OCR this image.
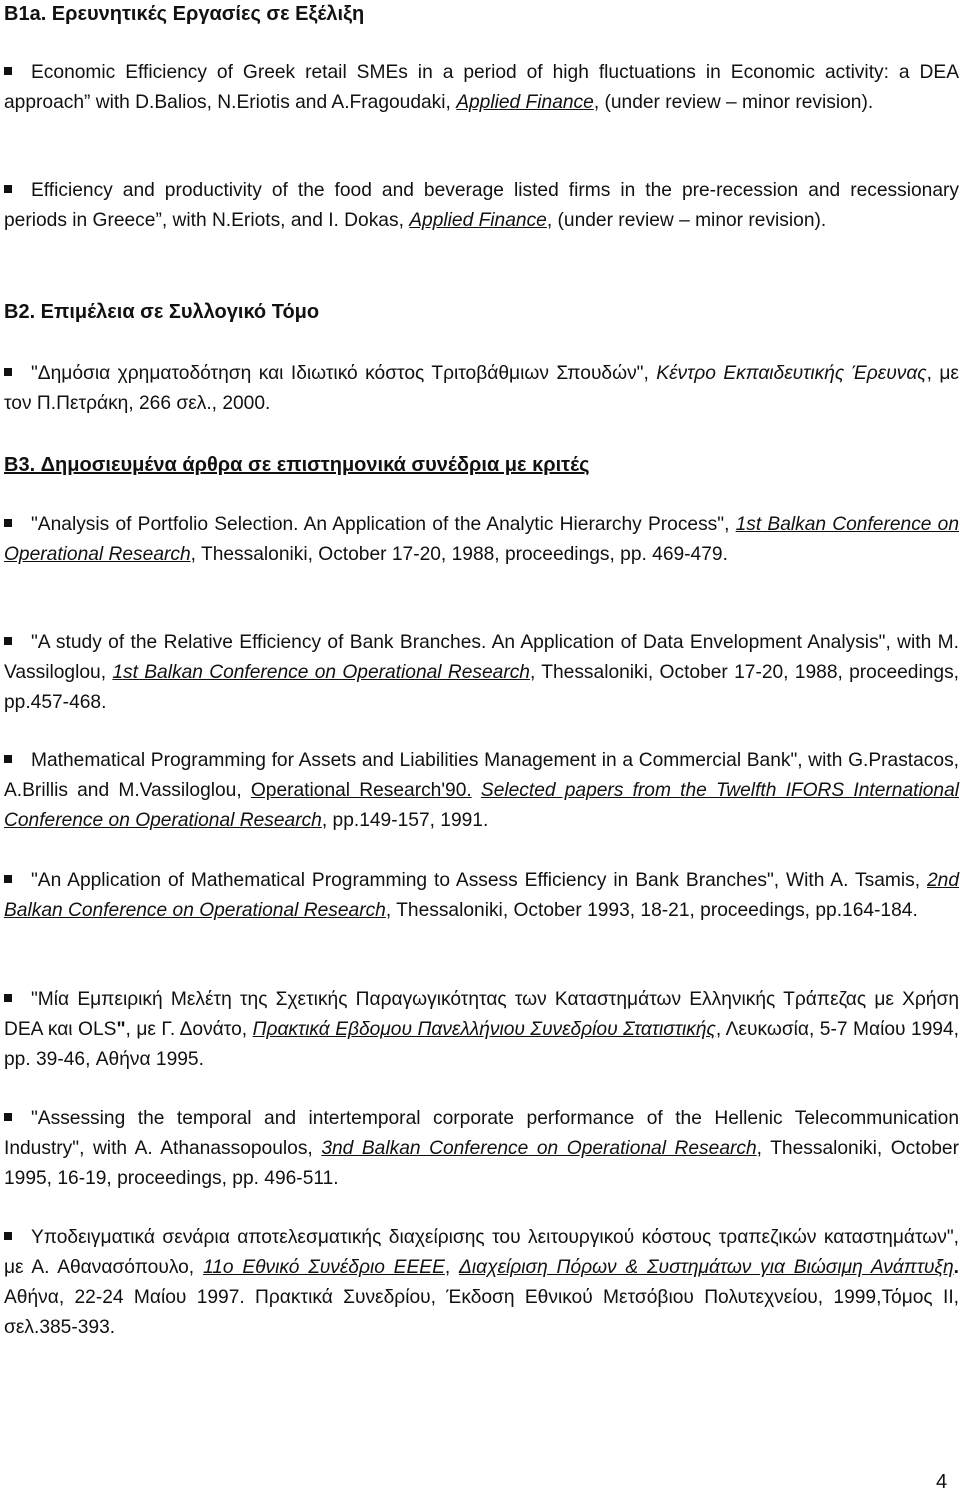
B1a. Ερευνητικές Εργασίες σε Εξέλιξη

Economic Efficiency of Greek retail SMEs in a period of high fluctuations in Economic activity: a DEA approach” with D.Balios, N.Eriotis and A.Fragoudaki, Applied Finance, (under review – minor revision).

Efficiency and productivity of the food and beverage listed firms in the pre-recession and recessionary periods in Greece”, with N.Eriots, and I. Dokas, Applied Finance, (under review – minor revision).

B2. Επιμέλεια σε Συλλογικό Τόμο

"Δημόσια χρηματοδότηση και Ιδιωτικό κόστος Τριτοβάθμιων Σπουδών", Κέντρο Εκπαιδευτικής Έρευνας, με τον Π.Πετράκη, 266 σελ., 2000.

B3. Δημοσιευμένα άρθρα σε επιστημονικά συνέδρια με κριτές

"Analysis of Portfolio Selection. An Application of the Analytic Hierarchy Process", 1st Balkan Conference on Operational Research, Thessaloniki, October 17-20, 1988, proceedings, pp. 469-479.

"A study of the Relative Efficiency of Bank Branches. An Application of Data Envelopment Analysis", with M. Vassiloglou, 1st Balkan Conference on Operational Research, Thessaloniki, October 17-20, 1988, proceedings, pp.457-468.

Mathematical Programming for Assets and Liabilities Management in a Commercial Bank", with G.Prastacos, A.Brillis and M.Vassiloglou, Operational Research'90. Selected papers from the Twelfth IFORS International Conference on Operational Research, pp.149-157, 1991.

"An Application of Mathematical Programming to Assess Efficiency in Bank Branches", With A. Tsamis, 2nd Balkan Conference on Operational Research, Thessaloniki, October 1993, 18-21, proceedings, pp.164-184.

"Μία Εμπειρική Μελέτη της Σχετικής Παραγωγικότητας των Καταστημάτων Ελληνικής Τράπεζας με Χρήση DEA και OLS", με Γ. Δονάτο, Πρακτικά Εβδομου Πανελλήνιου Συνεδρίου Στατιστικής, Λευκωσία, 5-7 Μαίου 1994, pp. 39-46, Αθήνα 1995.

"Assessing the temporal and intertemporal corporate performance of the Hellenic Telecommunication Industry", with A. Athanassopoulos, 3nd Balkan Conference on Operational Research, Thessaloniki, October 1995, 16-19, proceedings, pp. 496-511.

Υποδειγματικά σενάρια αποτελεσματικής διαχείρισης του λειτουργικού κόστους τραπεζικών καταστημάτων", με Α. Αθανασόπουλο, 11ο Εθνικό Συνέδριο ΕΕΕΕ, Διαχείριση Πόρων & Συστημάτων για Βιώσιμη Ανάπτυξη. Αθήνα, 22-24 Μαίου 1997. Πρακτικά Συνεδρίου, Έκδοση Εθνικού Μετσόβιου Πολυτεχνείου, 1999,Τόμος ΙΙ, σελ.385-393.

4
